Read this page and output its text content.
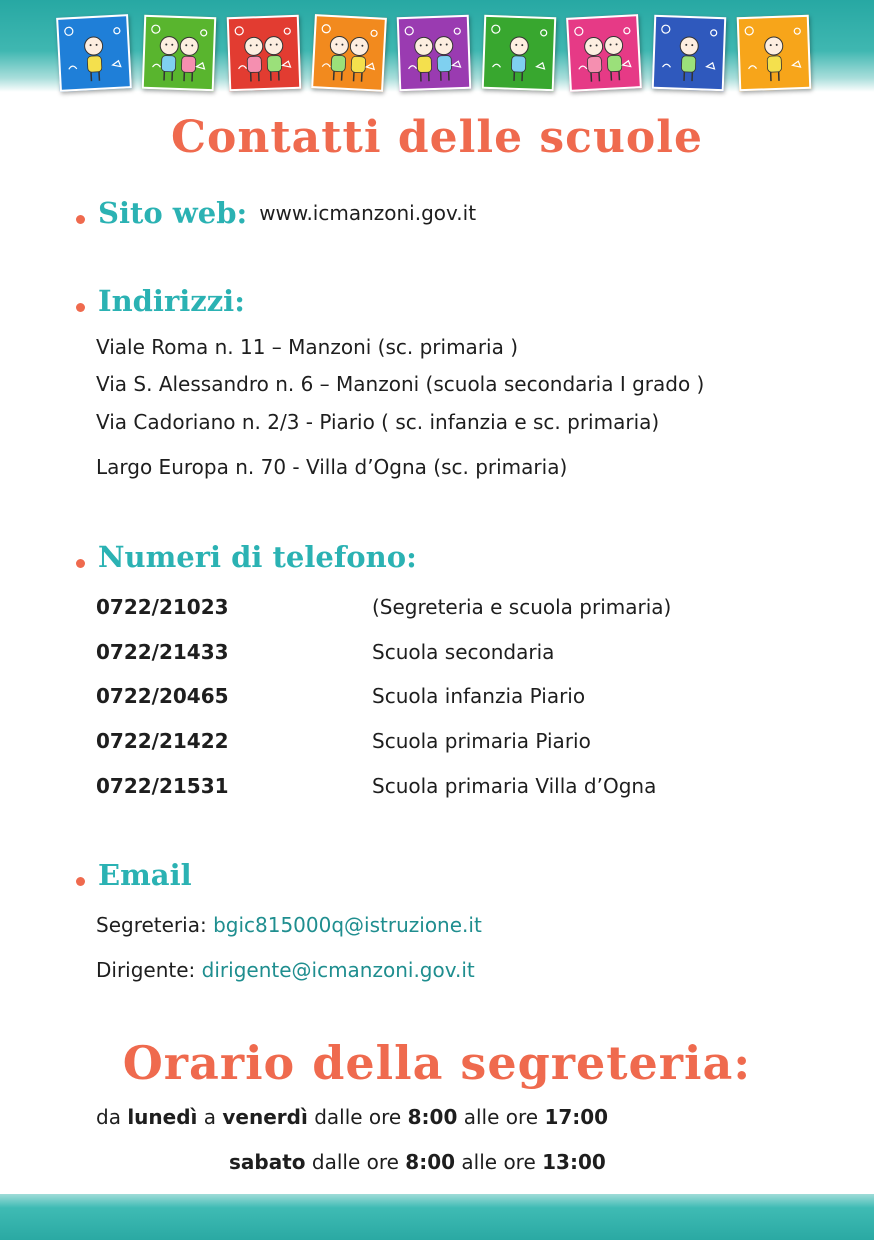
Contatti delle scuole
Sito web: www.icmanzoni.gov.it
Indirizzi:
Viale Roma n. 11 – Manzoni (sc. primaria )
Via S. Alessandro n. 6 – Manzoni (scuola secondaria I grado )
Via Cadoriano n. 2/3 - Piario ( sc. infanzia e sc. primaria)
Largo Europa n. 70 - Villa d’Ogna (sc. primaria)
Numeri di telefono:
0722/21023	(Segreteria e scuola primaria)
0722/21433	Scuola secondaria
0722/20465	Scuola infanzia Piario
0722/21422	Scuola primaria Piario
0722/21531	Scuola primaria Villa d’Ogna
Email
Segreteria: bgic815000q@istruzione.it
Dirigente: dirigente@icmanzoni.gov.it
Orario della segreteria:
da lunedì a venerdì dalle ore 8:00 alle ore 17:00
sabato dalle ore 8:00 alle ore 13:00
